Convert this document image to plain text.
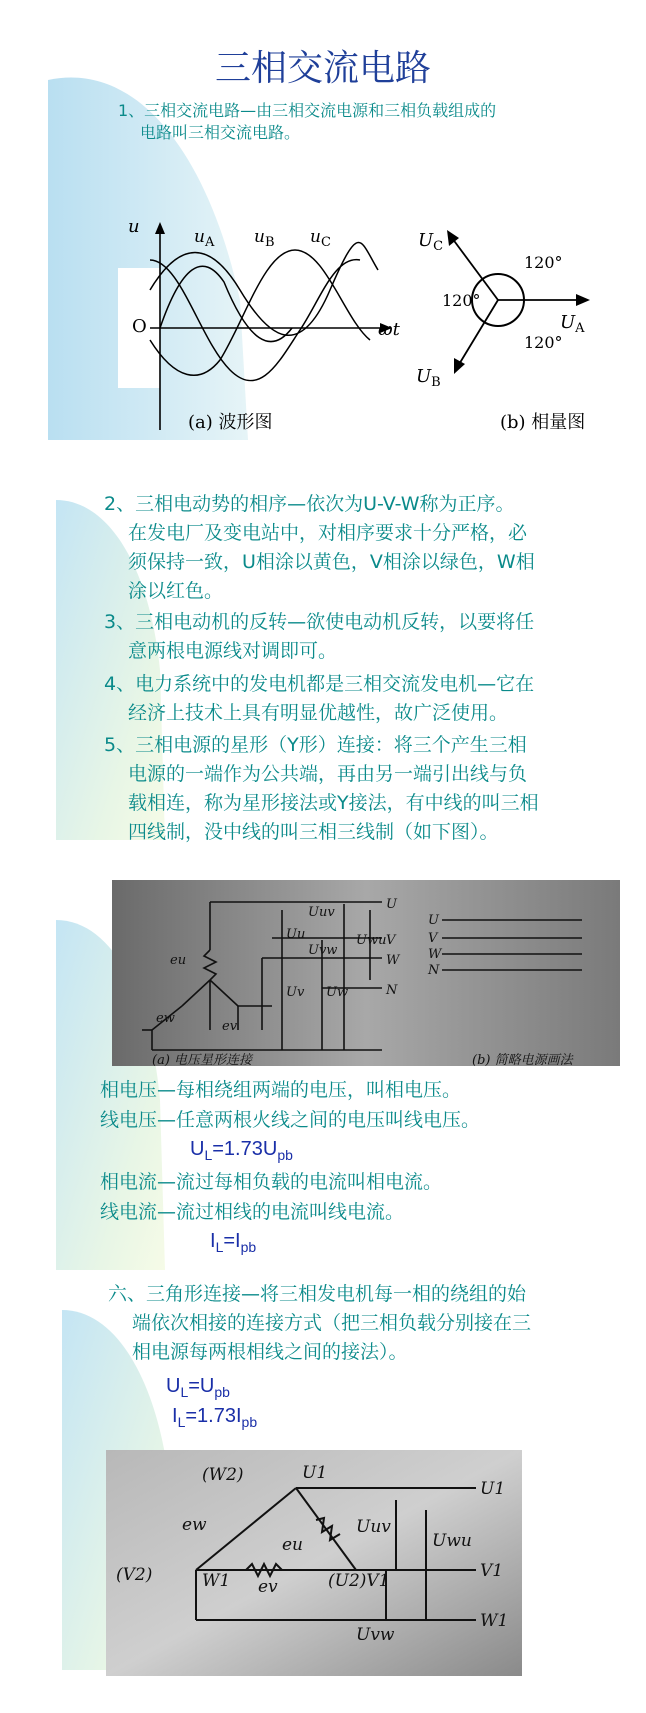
三相交流电路
1、三相交流电路—由三相交流电源和三相负载组成的
电路叫三相交流电路。
u
ωt
O
$u_A$ $u_B$ $u_C$
(a) 波形图
$U_C$
$U_A$
$U_B$
120°
120°
120°
(b) 相量图
2、三相电动势的相序—依次为U-V-W称为正序。
在发电厂及变电站中，对相序要求十分严格，必
须保持一致，U相涂以黄色，V相涂以绿色，W相
涂以红色。
3、三相电动机的反转—欲使电动机反转，以要将任
意两根电源线对调即可。
4、电力系统中的发电机都是三相交流发电机—它在
经济上技术上具有明显优越性，故广泛使用。
5、三相电源的星形（Y形）连接：将三个产生三相
电源的一端作为公共端，再由另一端引出线与负
载相连，称为星形接法或Y接法，有中线的叫三相
四线制，没中线的叫三相三线制（如下图）。
U
V
W
N
Uu
Uv Uw
Uuv
Uvw
Uwu
eu
ev
ew
U
V
W
N
(a) 电压星形连接	(b) 简略电源画法
相电压—每相绕组两端的电压，叫相电压。
线电压—任意两根火线之间的电压叫线电压。
$U_L=1.73U_{pb}$
相电流—流过每相负载的电流叫相电流。
线电流—流过相线的电流叫线电流。
$I_L=I_{pb}$
六、三角形连接—将三相发电机每一相的绕组的始
端依次相接的连接方式（把三相负载分别接在三
相电源每两根相线之间的接法）。
$U_L=U_{pb}$
$I_L=1.73I_{pb}$
(W2)	U1
U1
ew
eu
Uuv
Uwu
(V2)	W1 ev	(U2)V1	V1
Uvw
W1
